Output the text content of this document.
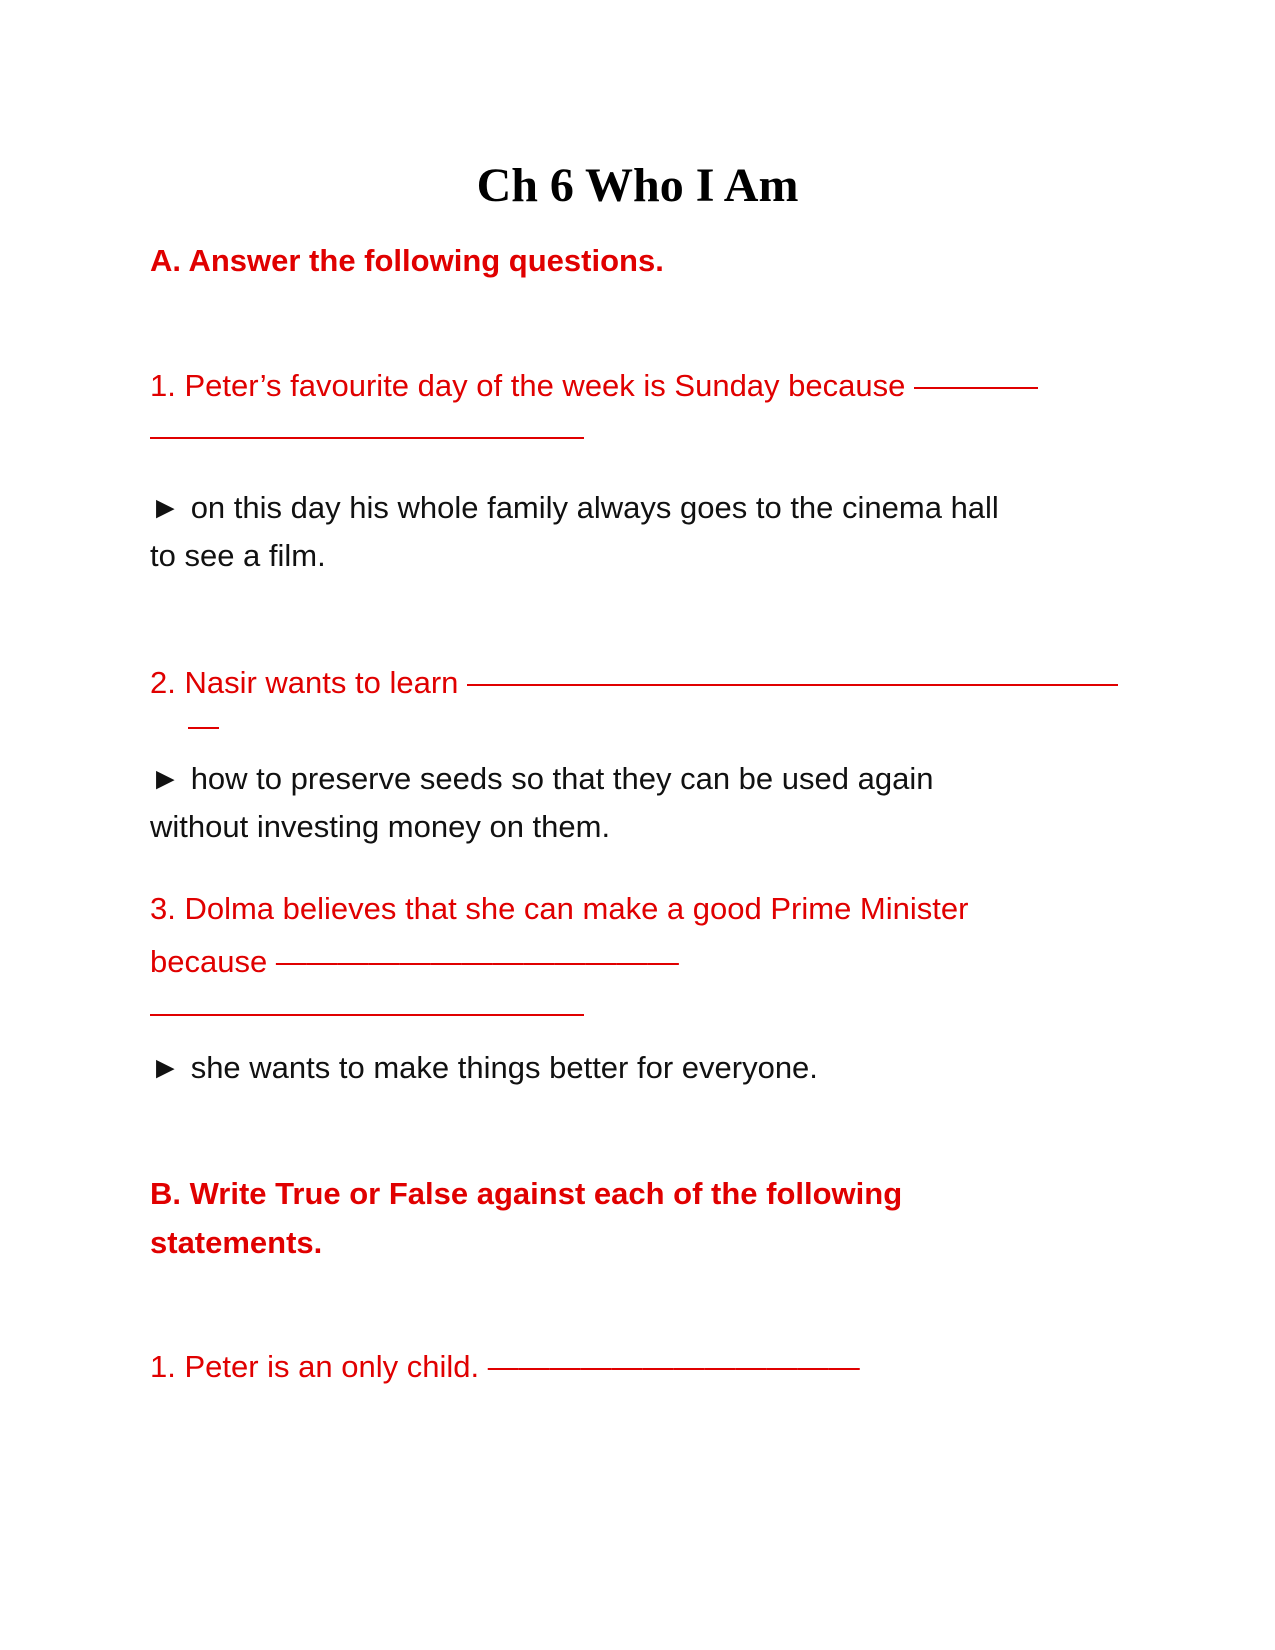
Ch 6 Who I Am

A. Answer the following questions.

1. Peter’s favourite day of the week is Sunday because ————

——————————————

► on this day his whole family always goes to the cinema hall

to see a film.

2. Nasir wants to learn —————————————————————

—

► how to preserve seeds so that they can be used again

without investing money on them.

3. Dolma believes that she can make a good Prime Minister

because —————————————

——————————————

► she wants to make things better for everyone.

B. Write True or False against each of the following

statements.

1. Peter is an only child. ————————————
